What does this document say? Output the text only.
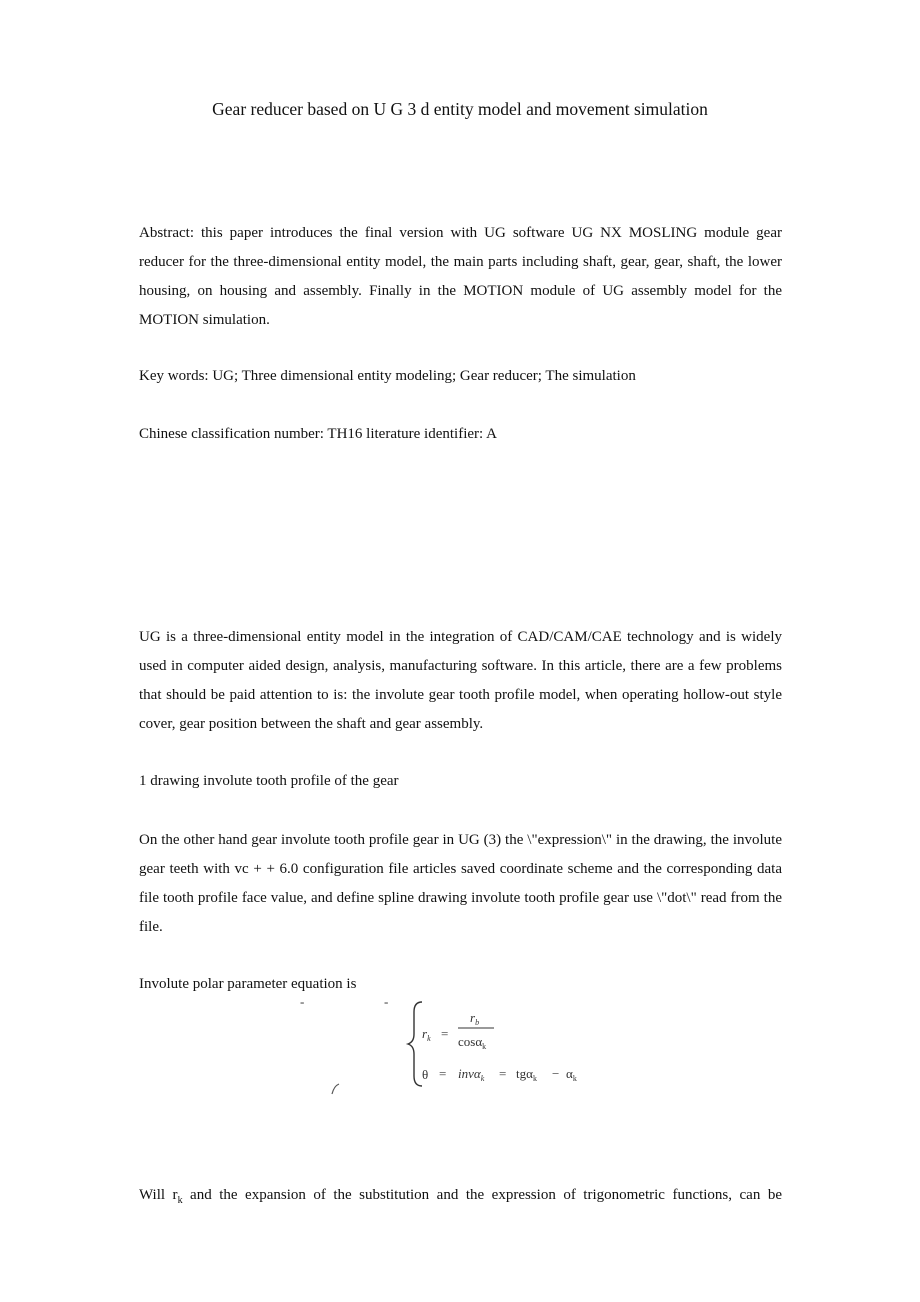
Gear reducer based on U G 3 d entity model and movement simulation

Abstract: this paper introduces the final version with UG software UG NX MOSLING module gear reducer for the three-dimensional entity model, the main parts including shaft, gear, gear, shaft, the lower housing, on housing and assembly. Finally in the MOTION module of UG assembly model for the MOTION simulation.

Key words: UG; Three dimensional entity modeling; Gear reducer; The simulation
Chinese classification number: TH16 literature identifier: A

UG is a three-dimensional entity model in the integration of CAD/CAM/CAE technology and is widely used in computer aided design, analysis, manufacturing software. In this article, there are a few problems that should be paid attention to is: the involute gear tooth profile model, when operating hollow-out style cover, gear position between the shaft and gear assembly.

1 drawing involute tooth profile of the gear

On the other hand gear involute tooth profile gear in UG (3) the \"expression\" in the drawing, the involute gear teeth with vc + + 6.0 configuration file articles saved coordinate scheme and the corresponding data file tooth profile face value, and define spline drawing involute tooth profile gear use \"dot\" read from the file.

Involute polar parameter equation is
-	-
$r_k$ =
$r_b$
cosα$_k$
$\theta = inv\alpha_k = tg\alpha_k - \alpha_k$
Will $r_k$ and the expansion of the substitution and the expression of trigonometric functions, can be
